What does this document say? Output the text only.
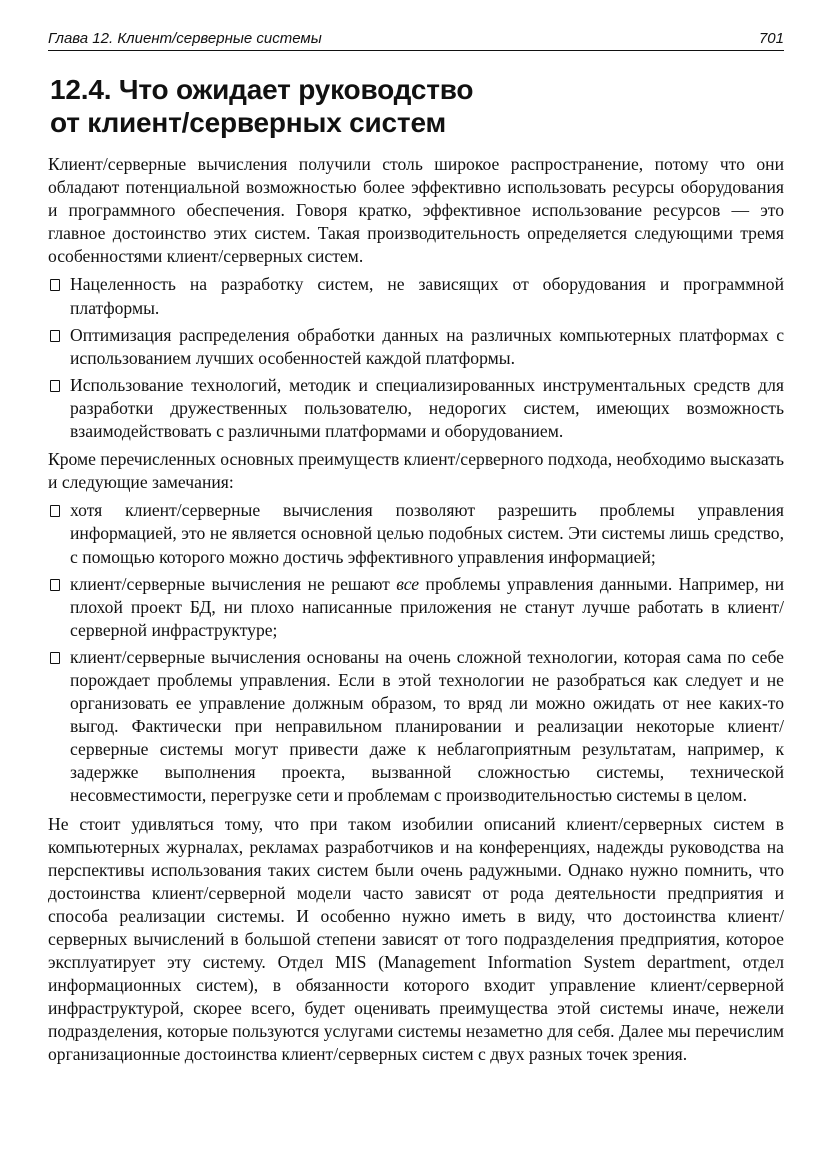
Глава 12. Клиент/серверные системы	701
12.4. Что ожидает руководство
от клиент/серверных систем

Клиент/серверные вычисления получили столь широкое распространение, потому что они обладают потенциальной возможностью более эффективно использовать ресурсы оборудования и программного обеспечения. Говоря кратко, эффективное использование ресурсов — это главное достоинство этих систем. Такая производительность определяется следующими тремя особенностями клиент/серверных систем.

Нацеленность на разработку систем, не зависящих от оборудования и программной платформы.
Оптимизация распределения обработки данных на различных компьютерных платформах с использованием лучших особенностей каждой платформы.
Использование технологий, методик и специализированных инструментальных средств для разработки дружественных пользователю, недорогих систем, имеющих возможность взаимодействовать с различными платформами и оборудованием.

Кроме перечисленных основных преимуществ клиент/серверного подхода, необходимо высказать и следующие замечания:

хотя клиент/серверные вычисления позволяют разрешить проблемы управления информацией, это не является основной целью подобных систем. Эти системы лишь средство, с помощью которого можно достичь эффективного управления информацией;
клиент/серверные вычисления не решают все проблемы управления данными. Например, ни плохой проект БД, ни плохо написанные приложения не станут лучше работать в клиент/серверной инфраструктуре;
клиент/серверные вычисления основаны на очень сложной технологии, которая сама по себе порождает проблемы управления. Если в этой технологии не разобраться как следует и не организовать ее управление должным образом, то вряд ли можно ожидать от нее каких-то выгод. Фактически при неправильном планировании и реализации некоторые клиент/серверные системы могут привести даже к неблагоприятным результатам, например, к задержке выполнения проекта, вызванной сложностью системы, технической несовместимости, перегрузке сети и проблемам с производительностью системы в целом.

Не стоит удивляться тому, что при таком изобилии описаний клиент/серверных систем в компьютерных журналах, рекламах разработчиков и на конференциях, надежды руководства на перспективы использования таких систем были очень радужными. Однако нужно помнить, что достоинства клиент/серверной модели часто зависят от рода деятельности предприятия и способа реализации системы. И особенно нужно иметь в виду, что достоинства клиент/серверных вычислений в большой степени зависят от того подразделения предприятия, которое эксплуатирует эту систему. Отдел MIS (Management Information System department, отдел информационных систем), в обязанности которого входит управление клиент/серверной инфраструктурой, скорее всего, будет оценивать преимущества этой системы иначе, нежели подразделения, которые пользуются услугами системы незаметно для себя. Далее мы перечислим организационные достоинства клиент/серверных систем с двух разных точек зрения.
